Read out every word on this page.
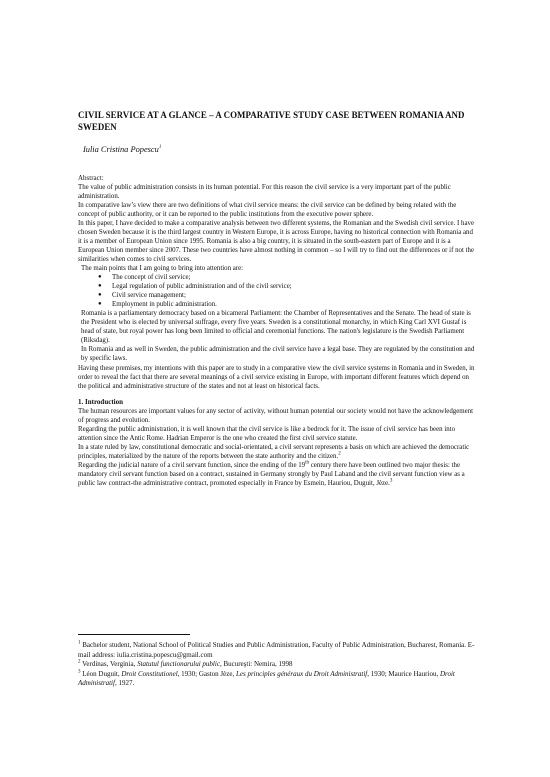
CIVIL SERVICE AT A GLANCE – A COMPARATIVE STUDY CASE BETWEEN ROMANIA AND SWEDEN
Iulia Cristina Popescu$^1$
Abstract:

The value of public administration consists in its human potential. For this reason the civil service is a very important part of the public administration.

In comparative law’s view there are two definitions of what civil service means: the civil service can be defined by being related with the concept of public authority, or it can be reported to the public institutions from the executive power sphere.

In this paper, I have decided to make a comparative analysis between two different systems, the Romanian and the Swedish civil service. I have chosen Sweden because it is the third largest country in Western Europe, it is across Europe, having no historical connection with Romania and it is a member of European Union since 1995. Romania is also a big country, it is situated in the south-eastern part of Europe and it is a European Union member since 2007. These two countries have almost nothing in common – so I will try to find out the differences or if not the similarities when comes to civil services.

The main points that I am going to bring into attention are:

● The concept of civil service;
● Legal regulation of public administration and of the civil service;
● Civil service management;
● Employment in public administration.

Romania is a parliamentary democracy based on a bicameral Parliament: the Chamber of Representatives and the Senate. The head of state is the President who is elected by universal suffrage, every five years. Sweden is a constitutional monarchy, in which King Carl XVI Gustaf is head of state, but royal power has long been limited to official and ceremonial functions. The nation's legislature is the Swedish Parliament (Riksdag).

In Romania and as well in Sweden, the public administration and the civil service have a legal base. They are regulated by the constitution and by specific laws.

Having these premises, my intentions with this paper are to study in a comparative view the civil service systems in Romania and in Sweden, in order to reveal the fact that there are several meanings of a civil service existing in Europe, with important different features which depend on the political and administrative structure of the states and not at least on historical facts.

1. Introduction

The human resources are important values for any sector of activity, without human potential our society would not have the acknowledgement of progress and evolution.

Regarding the public administration, it is well known that the civil service is like a bedrock for it. The issue of civil service has been into attention since the Antic Rome. Hadrian Emperor is the one who created the first civil service statute.

In a state ruled by law, constitutional democratic and social-orientated, a civil servant represents a basis on which are achieved the democratic principles, materialized by the nature of the reports between the state authority and the citizen.$^2$

Regarding the judicial nature of a civil servant function, since the ending of the 19th century there have been outlined two major thesis: the mandatory civil servant function based on a contract, sustained in Germany strongly by Paul Laband and the civil servant function view as a public law contract-the administrative contract, promoted especially in France by Esmein, Hauriou, Duguit, Jèze.$^3$

$^1$ Bachelor student, National School of Political Studies and Public Administration, Faculty of Public Administration, Bucharest, Romania. E-mail address: iulia.cristina.popescu@gmail.com

$^2$ Verdinas, Verginia, Statutul functionarului public, Bucureşti: Nemira, 1998

$^3$ Léon Duguit, Droit Constitutionel, 1930; Gaston Jèze, Les principles généraux du Droit Administratif, 1930; Maurice Hauriou, Droit Administratif, 1927.
